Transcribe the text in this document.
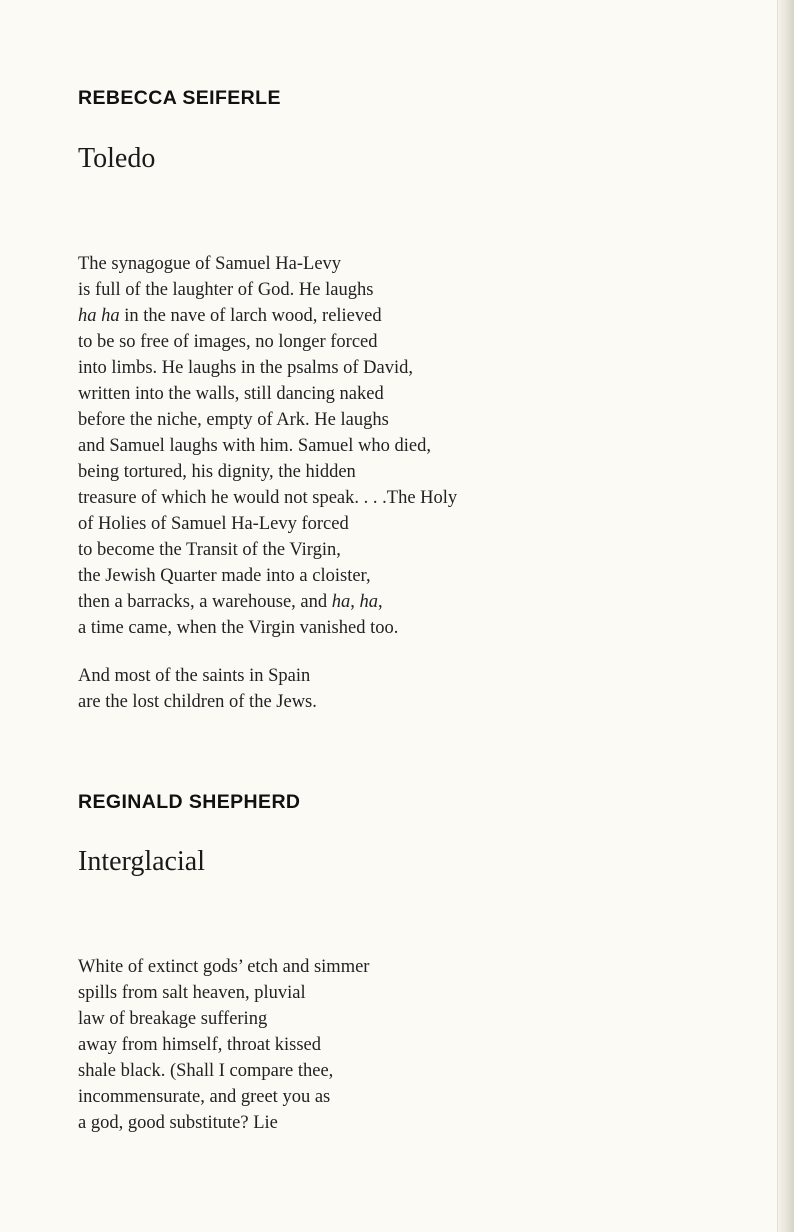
REBECCA SEIFERLE
Toledo
The synagogue of Samuel Ha-Levy
is full of the laughter of God. He laughs
ha ha in the nave of larch wood, relieved
to be so free of images, no longer forced
into limbs. He laughs in the psalms of David,
written into the walls, still dancing naked
before the niche, empty of Ark. He laughs
and Samuel laughs with him. Samuel who died,
being tortured, his dignity, the hidden
treasure of which he would not speak. . . .The Holy
of Holies of Samuel Ha-Levy forced
to become the Transit of the Virgin,
the Jewish Quarter made into a cloister,
then a barracks, a warehouse, and ha, ha,
a time came, when the Virgin vanished too.
And most of the saints in Spain
are the lost children of the Jews.
REGINALD SHEPHERD
Interglacial
White of extinct gods’ etch and simmer
spills from salt heaven, pluvial
law of breakage suffering
away from himself, throat kissed
shale black. (Shall I compare thee,
incommensurate, and greet you as
a god, good substitute? Lie
